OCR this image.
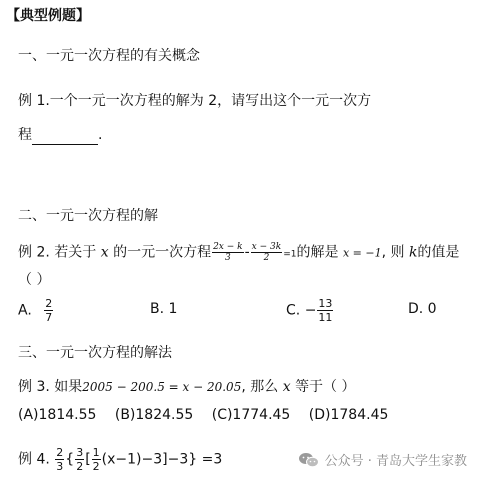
【典型例题】
一、一元一次方程的有关概念
例 1.一个一元一次方程的解为 2，请写出这个一元一次方
程	.
二、一元一次方程的解
例 2. 若关于 x 的一元一次方程 $\frac{2x - k}{3} - \frac{x - 3k}{2} =1$的解是 x = −1, 则 k的值是
（ ）
A. $\frac{2}{7}$	B. 1	C. − $\frac{13}{11}$	D. 0
三、一元一次方程的解法
例 3. 如果2005 − 200.5 = x − 20.05, 那么 x 等于（ ）
(A)1814.55 (B)1824.55 (C)1774.45 (D)1784.45
例 4. $\frac{2}{3}$ { $\frac{3}{2}$ [ $\frac{1}{2} (x-1)-3]-3\} =3$	公众号 · 青岛大学生家教
